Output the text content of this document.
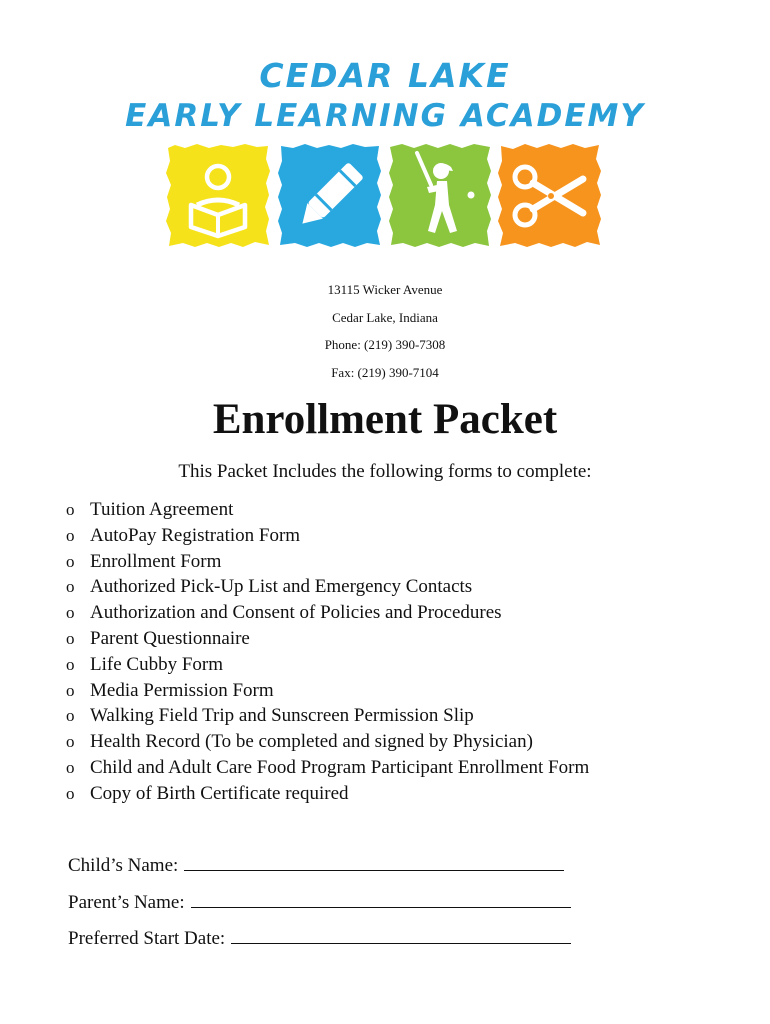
CEDAR LAKE
EARLY LEARNING ACADEMY
13115 Wicker Avenue
Cedar Lake, Indiana
Phone: (219) 390-7308
Fax: (219) 390-7104
Enrollment Packet
This Packet Includes the following forms to complete:
o Tuition Agreement
o AutoPay Registration Form
o Enrollment Form
o Authorized Pick-Up List and Emergency Contacts
o Authorization and Consent of Policies and Procedures
o Parent Questionnaire
o Life Cubby Form
o Media Permission Form
o Walking Field Trip and Sunscreen Permission Slip
o Health Record (To be completed and signed by Physician)
o Child and Adult Care Food Program Participant Enrollment Form
o Copy of Birth Certificate required
Child’s Name:
Parent’s Name:
Preferred Start Date:
